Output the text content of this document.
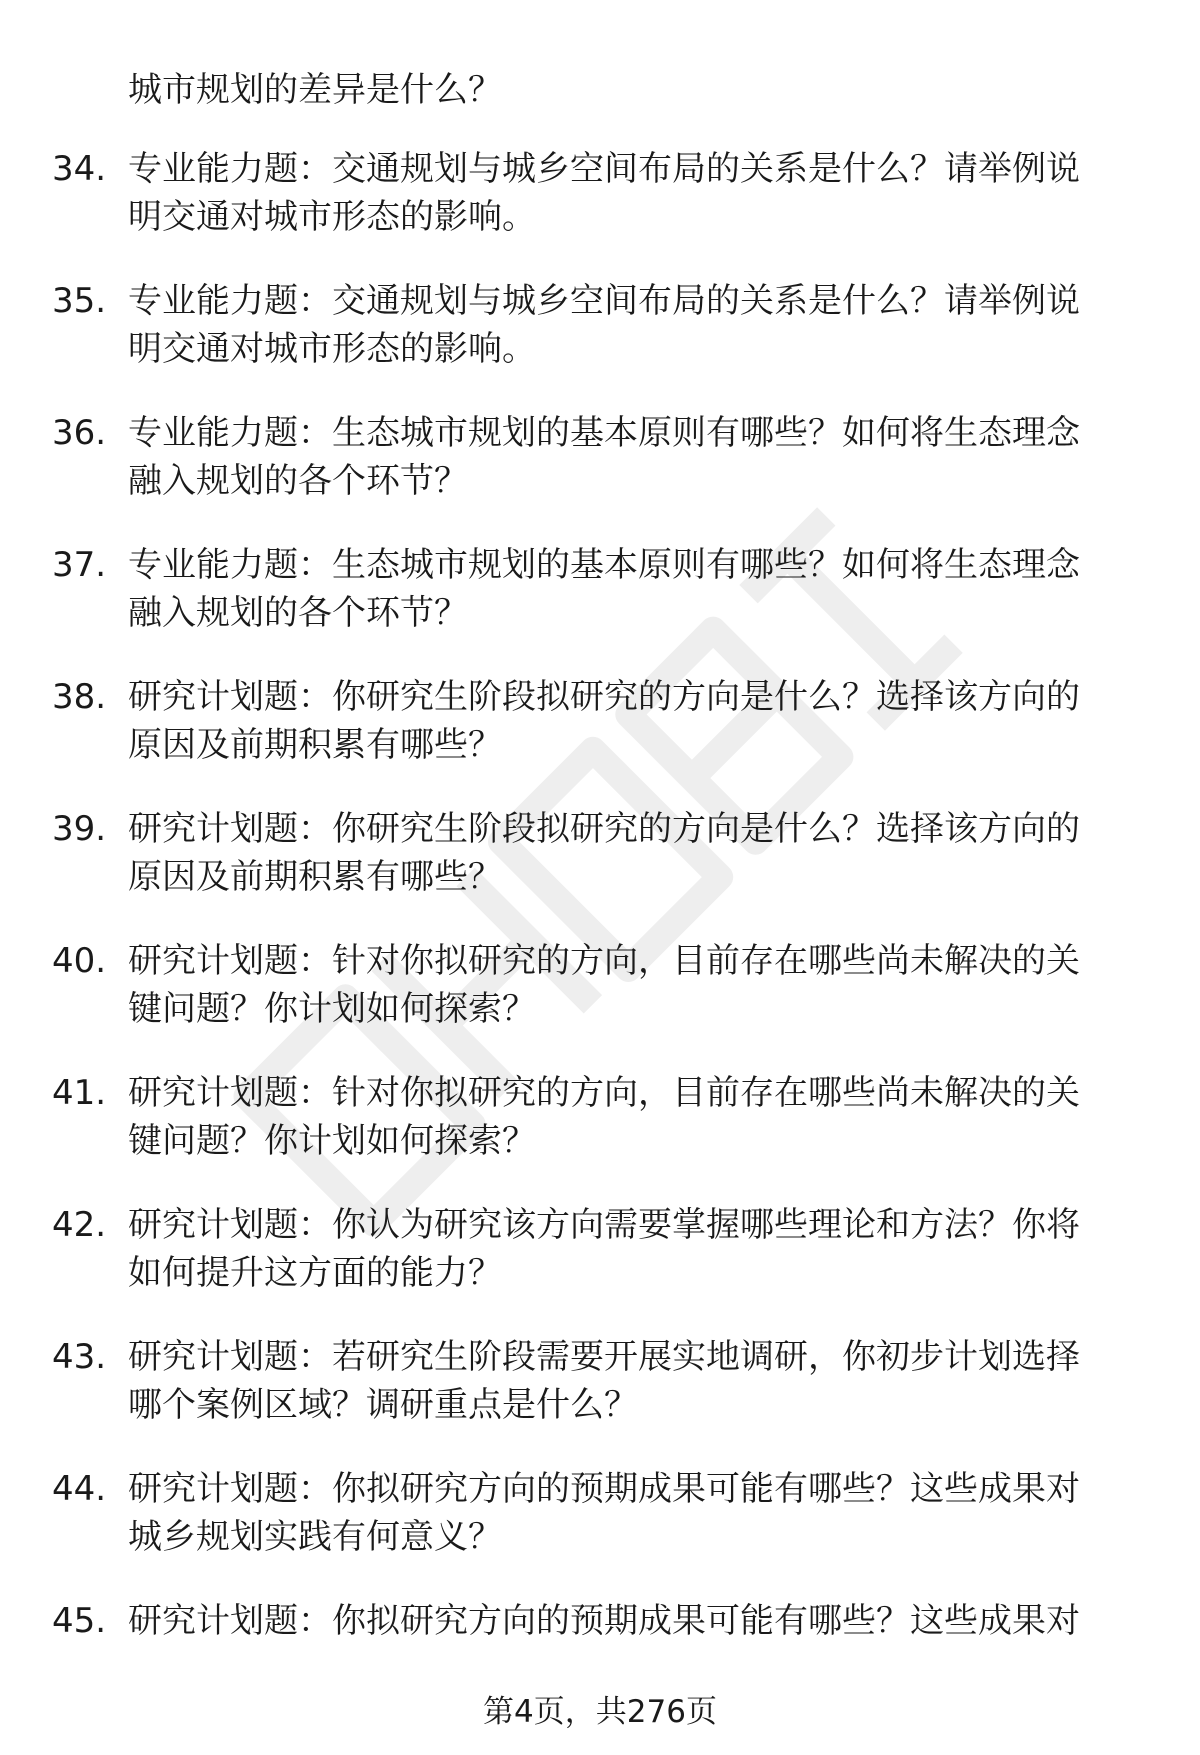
城市规划的差异是什么？
34. 专业能力题：交通规划与城乡空间布局的关系是什么？请举例说
明交通对城市形态的影响。
35. 专业能力题：交通规划与城乡空间布局的关系是什么？请举例说
明交通对城市形态的影响。
36. 专业能力题：生态城市规划的基本原则有哪些？如何将生态理念
融入规划的各个环节？
37. 专业能力题：生态城市规划的基本原则有哪些？如何将生态理念
融入规划的各个环节？
38. 研究计划题：你研究生阶段拟研究的方向是什么？选择该方向的
原因及前期积累有哪些？
39. 研究计划题：你研究生阶段拟研究的方向是什么？选择该方向的
原因及前期积累有哪些？
40. 研究计划题：针对你拟研究的方向，目前存在哪些尚未解决的关
键问题？你计划如何探索？
41. 研究计划题：针对你拟研究的方向，目前存在哪些尚未解决的关
键问题？你计划如何探索？
42. 研究计划题：你认为研究该方向需要掌握哪些理论和方法？你将
如何提升这方面的能力？
43. 研究计划题：若研究生阶段需要开展实地调研，你初步计划选择
哪个案例区域？调研重点是什么？
44. 研究计划题：你拟研究方向的预期成果可能有哪些？这些成果对
城乡规划实践有何意义？
45. 研究计划题：你拟研究方向的预期成果可能有哪些？这些成果对
第4页，共276页
